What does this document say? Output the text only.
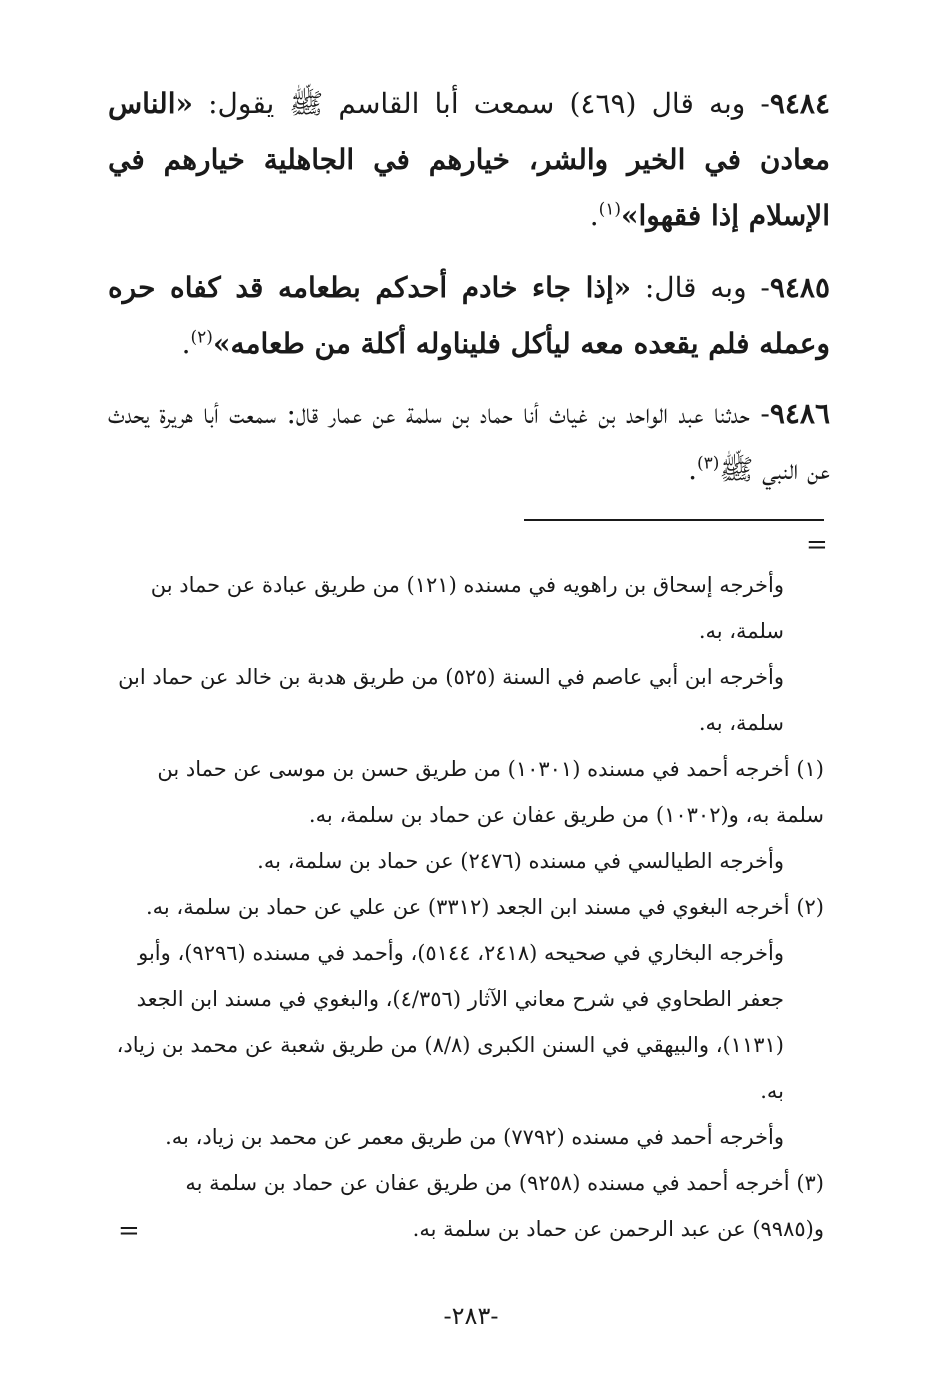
٩٤٨٤- وبه قال (٤٦٩) سمعت أبا القاسم ﷺ يقول: «الناس معادن في الخير والشر، خيارهم في الجاهلية خيارهم في الإسلام إذا فقهوا»$^{(١)}$.

٩٤٨٥- وبه قال: «إذا جاء خادم أحدكم بطعامه قد كفاه حره وعمله فلم يقعده معه ليأكل فليناوله أكلة من طعامه»$^{(٢)}$.

٩٤٨٦- حدثنا عبد الواحد بن غياث أنا حماد بن سلمة عن عمار قال: سمعت أبا هريرة يحدث عن النبي ﷺ$^{(٣)}$.

=

وأخرجه إسحاق بن راهويه في مسنده (١٢١) من طريق عبادة عن حماد بن سلمة، به.

وأخرجه ابن أبي عاصم في السنة (٥٢٥) من طريق هدبة بن خالد عن حماد ابن سلمة، به.

(١) أخرجه أحمد في مسنده (١٠٣٠١) من طريق حسن بن موسى عن حماد بن سلمة به، و(١٠٣٠٢) من طريق عفان عن حماد بن سلمة، به.

وأخرجه الطيالسي في مسنده (٢٤٧٦) عن حماد بن سلمة، به.

(٢) أخرجه البغوي في مسند ابن الجعد (٣٣١٢) عن علي عن حماد بن سلمة، به.

وأخرجه البخاري في صحيحه (٢٤١٨، ٥١٤٤)، وأحمد في مسنده (٩٢٩٦)، وأبو جعفر الطحاوي في شرح معاني الآثار (٤/٣٥٦)، والبغوي في مسند ابن الجعد (١١٣١)، والبيهقي في السنن الكبرى (٨/٨) من طريق شعبة عن محمد بن زياد، به.

وأخرجه أحمد في مسنده (٧٧٩٢) من طريق معمر عن محمد بن زياد، به.

(٣) أخرجه أحمد في مسنده (٩٢٥٨) من طريق عفان عن حماد بن سلمة به و(٩٩٨٥) عن عبد الرحمن عن حماد بن سلمة به.

=
-٢٨٣-
